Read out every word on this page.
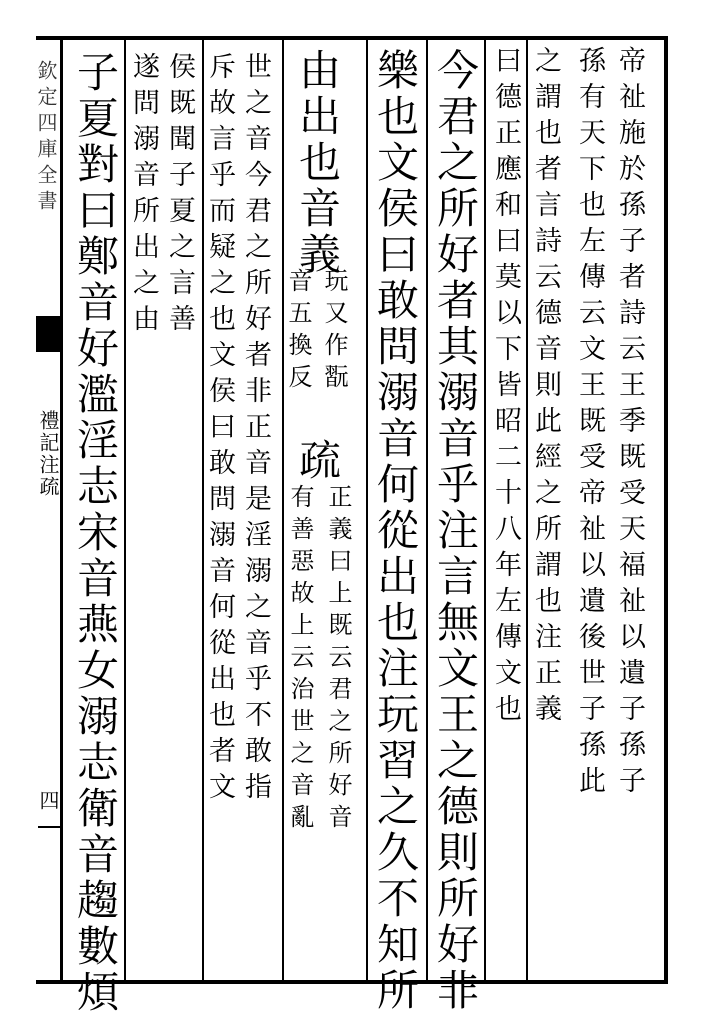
欽定四庫全書
禮記注疏
四	帝祉施於孫子者詩云王季既受天福祉以遺子孫子
孫有天下也左傳云文王既受帝祉以遺後世子孫此
之謂也者言詩云德音則此經之所謂也注正義
曰德正應和曰莫以下皆昭二十八年左傳文也
今君之所好者其溺音乎注言無文王之德則所好非
樂也文侯曰敢問溺音何從出也注玩習之久不知所
由出也音義
玩又作翫
音五換反
疏
正義曰上既云君之所好音
有善惡故上云治世之音亂
世之音今君之所好者非正音是淫溺之音乎不敢指
斥故言乎而疑之也文侯曰敢問溺音何從出也者文
侯既聞子夏之言善
遂問溺音所出之由
子夏對曰鄭音好濫淫志宋音燕女溺志衛音趨數煩
